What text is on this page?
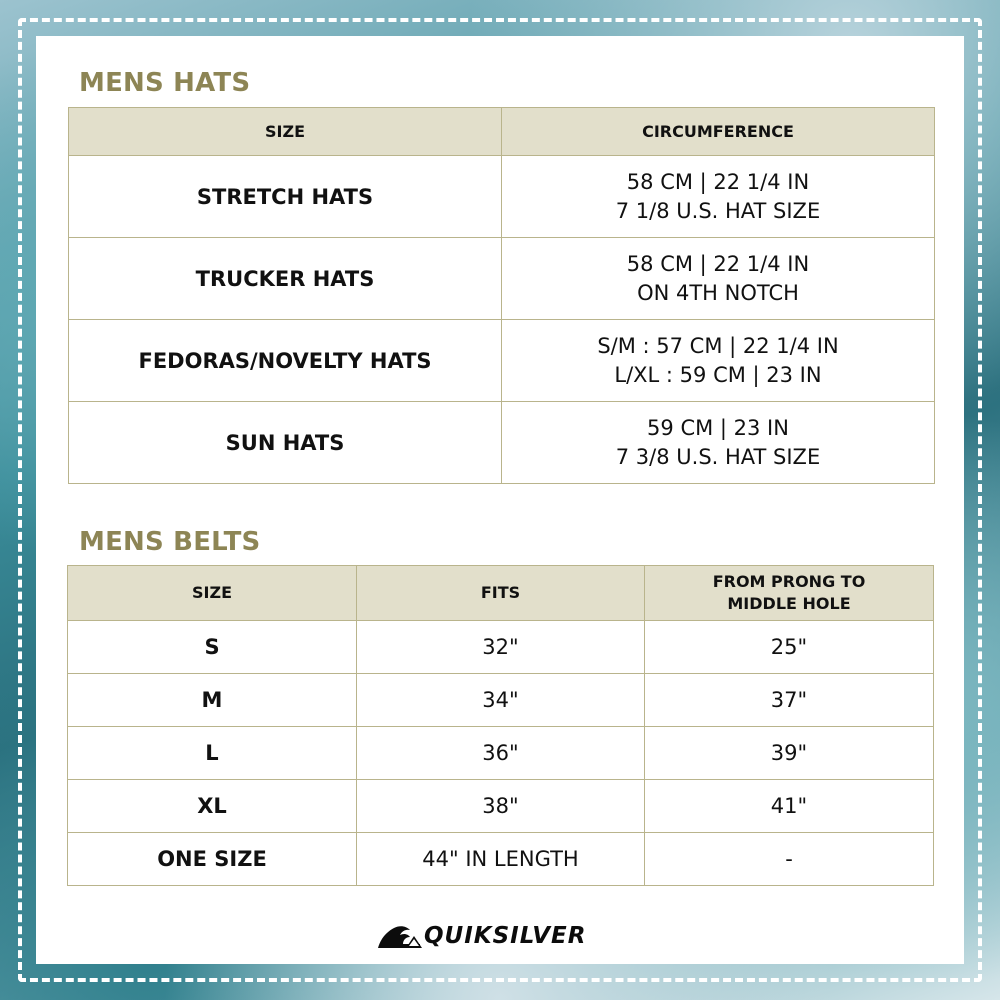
MENS HATS
SIZE	CIRCUMFERENCE
STRETCH HATS	58 CM | 22 1/4 IN
7 1/8 U.S. HAT SIZE

TRUCKER HATS	58 CM | 22 1/4 IN
ON 4TH NOTCH

FEDORAS/NOVELTY HATS	S/M : 57 CM | 22 1/4 IN
L/XL : 59 CM | 23 IN

SUN HATS	59 CM | 23 IN
7 3/8 U.S. HAT SIZE
MENS BELTS
SIZE	FITS	FROM PRONG TO
MIDDLE HOLE

S	32"	25"
M	34"	37"
L	36"	39"
XL	38"	41"
ONE SIZE	44" IN LENGTH	-
QUIKSILVER
